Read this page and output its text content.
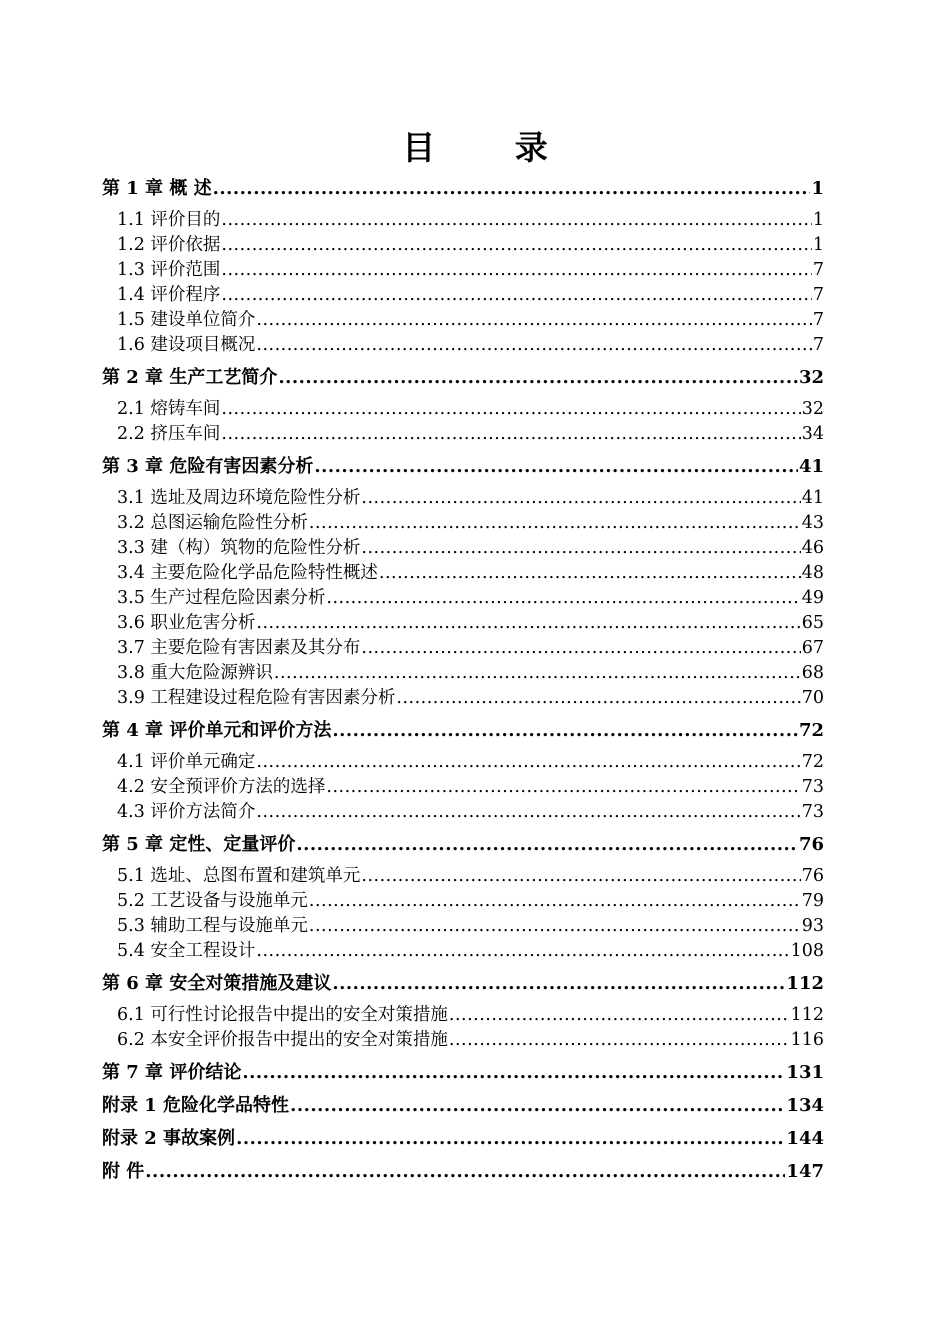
目 录
第 1 章 概 述 .....	1
1.1 评价目的 .....	1
1.2 评价依据 .....	1
1.3 评价范围 .....	7
1.4 评价程序 .....	7
1.5 建设单位简介 .....	7
1.6 建设项目概况 .....	7
第 2 章 生产工艺简介 .....	32
2.1 熔铸车间 .....	32
2.2 挤压车间 .....	34
第 3 章 危险有害因素分析 .....	41
3.1 选址及周边环境危险性分析 .....	41
3.2 总图运输危险性分析 .....	43
3.3 建（构）筑物的危险性分析 .....	46
3.4 主要危险化学品危险特性概述 .....	48
3.5 生产过程危险因素分析 .....	49
3.6 职业危害分析 .....	65
3.7 主要危险有害因素及其分布 .....	67
3.8 重大危险源辨识 .....	68
3.9 工程建设过程危险有害因素分析 .....	70
第 4 章 评价单元和评价方法 .....	72
4.1 评价单元确定 .....	72
4.2 安全预评价方法的选择 .....	73
4.3 评价方法简介 .....	73
第 5 章 定性、定量评价 .....	76
5.1 选址、总图布置和建筑单元 .....	76
5.2 工艺设备与设施单元 .....	79
5.3 辅助工程与设施单元 .....	93
5.4 安全工程设计 .....	108
第 6 章 安全对策措施及建议 .....	112
6.1 可行性讨论报告中提出的安全对策措施 .....	112
6.2 本安全评价报告中提出的安全对策措施 .....	116
第 7 章 评价结论 .....	131
附录 1 危险化学品特性 .....	134
附录 2 事故案例 .....	144
附 件 .....	147
